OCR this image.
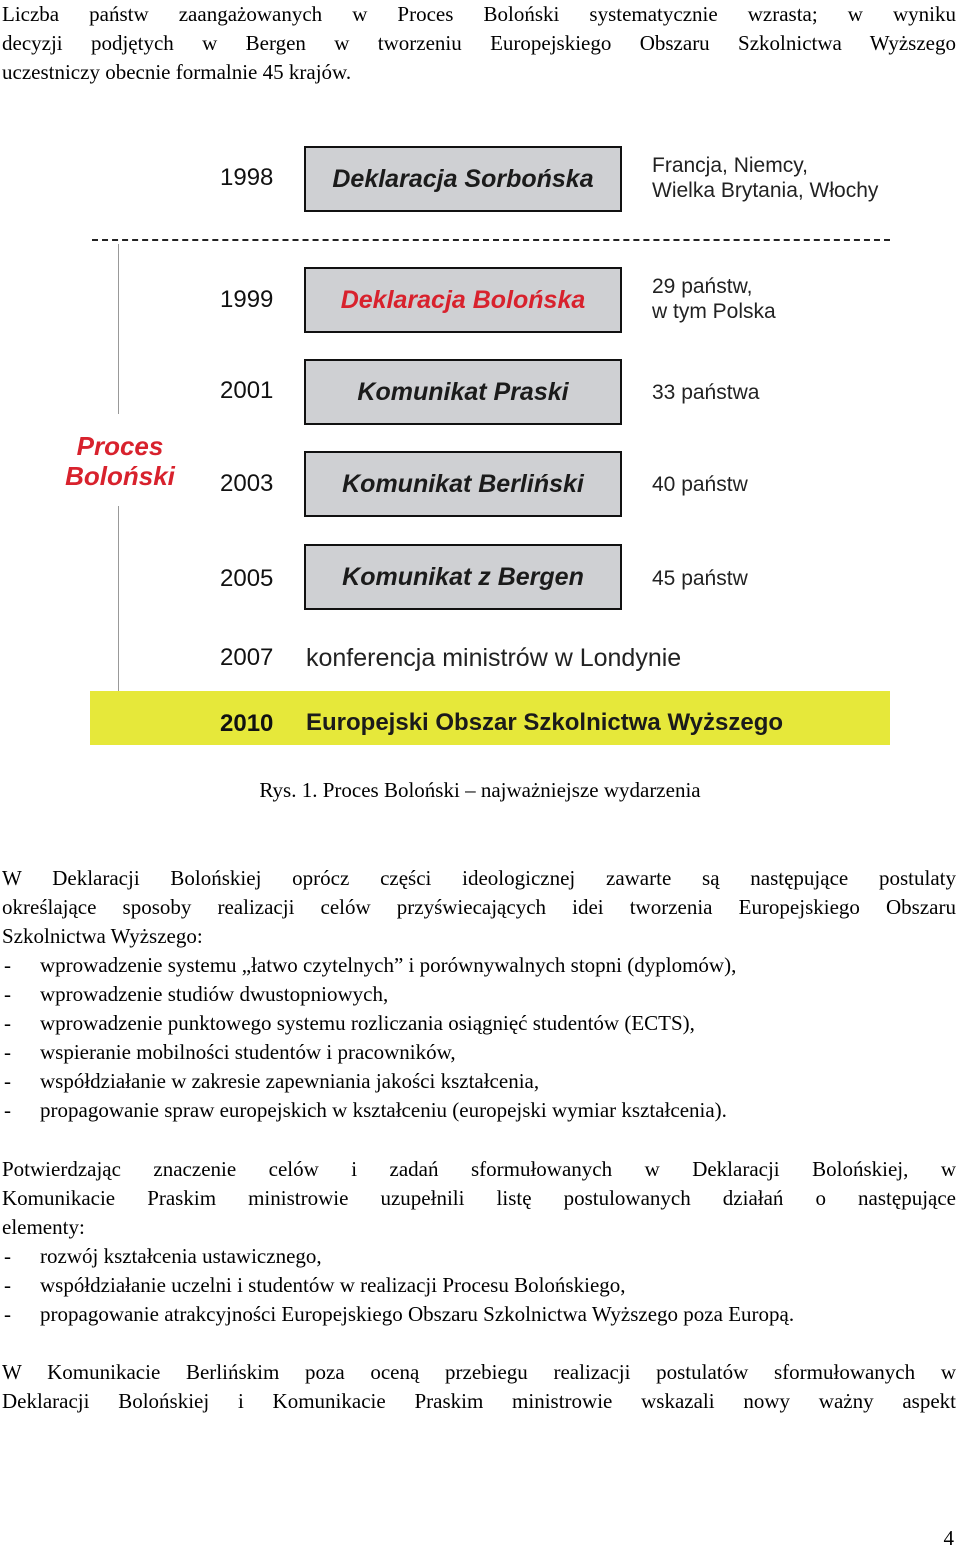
Liczba państw zaangażowanych w Proces Boloński systematycznie wzrasta; w wyniku
decyzji podjętych w Bergen w tworzeniu Europejskiego Obszaru Szkolnictwa Wyższego
uczestniczy obecnie formalnie 45 krajów.
1998	Deklaracja Sorbońska	Francja, Niemcy,
Wielka Brytania, Włochy
Proces
Boloński
1999	Deklaracja Bolońska	29 państw,
w tym Polska
2001	Komunikat Praski	33 państwa
2003	Komunikat Berliński	40 państw
2005	Komunikat z Bergen	45 państw
2007 konferencja ministrów w Londynie
2010 Europejski Obszar Szkolnictwa Wyższego
Rys. 1. Proces Boloński – najważniejsze wydarzenia
W Deklaracji Bolońskiej oprócz części ideologicznej zawarte są następujące postulaty
określające sposoby realizacji celów przyświecających idei tworzenia Europejskiego Obszaru
Szkolnictwa Wyższego:
- wprowadzenie systemu „łatwo czytelnych” i porównywalnych stopni (dyplomów),
- wprowadzenie studiów dwustopniowych,
- wprowadzenie punktowego systemu rozliczania osiągnięć studentów (ECTS),
- wspieranie mobilności studentów i pracowników,
- współdziałanie w zakresie zapewniania jakości kształcenia,
- propagowanie spraw europejskich w kształceniu (europejski wymiar kształcenia).
Potwierdzając znaczenie celów i zadań sformułowanych w Deklaracji Bolońskiej, w
Komunikacie Praskim ministrowie uzupełnili listę postulowanych działań o następujące
elementy:
- rozwój kształcenia ustawicznego,
- współdziałanie uczelni i studentów w realizacji Procesu Bolońskiego,
- propagowanie atrakcyjności Europejskiego Obszaru Szkolnictwa Wyższego poza Europą.
W Komunikacie Berlińskim poza oceną przebiegu realizacji postulatów sformułowanych w
Deklaracji Bolońskiej i Komunikacie Praskim ministrowie wskazali nowy ważny aspekt
4
